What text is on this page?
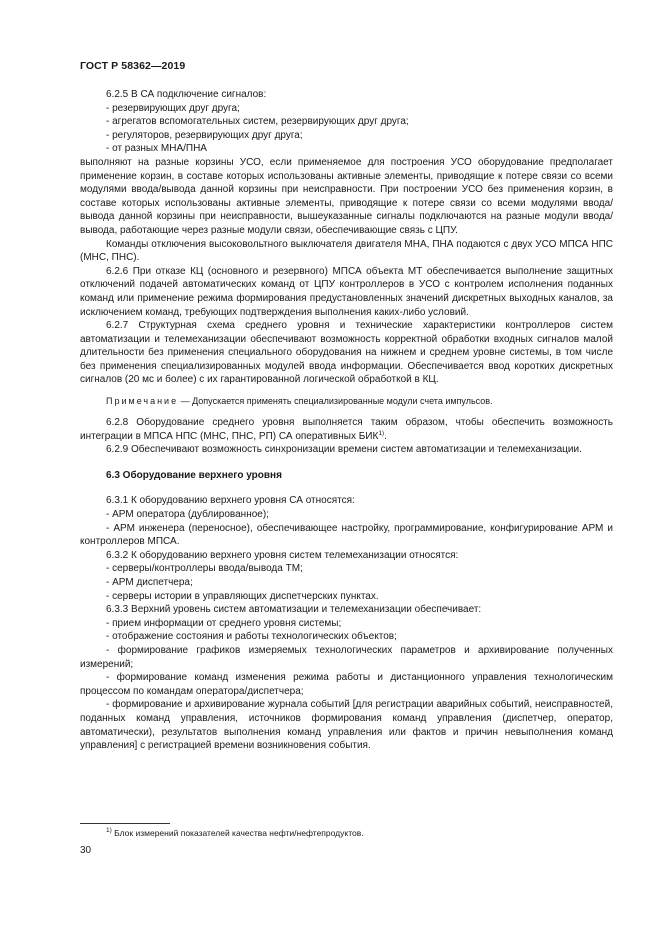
ГОСТ Р 58362—2019

6.2.5 В СА подключение сигналов:

- резервирующих друг друга;

- агрегатов вспомогательных систем, резервирующих друг друга;

- регуляторов, резервирующих друг друга;

- от разных МНА/ПНА

выполняют на разные корзины УСО, если применяемое для построения УСО оборудование предполагает применение корзин, в составе которых использованы активные элементы, приводящие к потере связи со всеми модулями ввода/вывода данной корзины при неисправности. При построении УСО без применения корзин, в составе которых использованы активные элементы, приводящие к потере связи со всеми модулями ввода/вывода данной корзины при неисправности, вышеуказанные сигналы подключаются на разные модули ввода/вывода, работающие через разные модули связи, обеспечивающие связь с ЦПУ.

Команды отключения высоковольтного выключателя двигателя МНА, ПНА подаются с двух УСО МПСА НПС (МНС, ПНС).

6.2.6 При отказе КЦ (основного и резервного) МПСА объекта МТ обеспечивается выполнение защитных отключений подачей автоматических команд от ЦПУ контроллеров в УСО с контролем исполнения поданных команд или применение режима формирования предустановленных значений дискретных выходных каналов, за исключением команд, требующих подтверждения выполнения каких-либо условий.

6.2.7 Структурная схема среднего уровня и технические характеристики контроллеров систем автоматизации и телемеханизации обеспечивают возможность корректной обработки входных сигналов малой длительности без применения специального оборудования на нижнем и среднем уровне системы, в том числе без применения специализированных модулей ввода информации. Обеспечивается ввод коротких дискретных сигналов (20 мс и более) с их гарантированной логической обработкой в КЦ.

Примечание — Допускается применять специализированные модули счета импульсов.

6.2.8 Оборудование среднего уровня выполняется таким образом, чтобы обеспечить возможность интеграции в МПСА НПС (МНС, ПНС, РП) СА оперативных БИК$^{1)}$.

6.2.9 Обеспечивают возможность синхронизации времени систем автоматизации и телемеханизации.

6.3 Оборудование верхнего уровня

6.3.1 К оборудованию верхнего уровня СА относятся:

- АРМ оператора (дублированное);

- АРМ инженера (переносное), обеспечивающее настройку, программирование, конфигурирование АРМ и контроллеров МПСА.

6.3.2 К оборудованию верхнего уровня систем телемеханизации относятся:

- серверы/контроллеры ввода/вывода ТМ;

- АРМ диспетчера;

- серверы истории в управляющих диспетчерских пунктах.

6.3.3 Верхний уровень систем автоматизации и телемеханизации обеспечивает:

- прием информации от среднего уровня системы;

- отображение состояния и работы технологических объектов;

- формирование графиков измеряемых технологических параметров и архивирование полученных измерений;

- формирование команд изменения режима работы и дистанционного управления технологическим процессом по командам оператора/диспетчера;

- формирование и архивирование журнала событий [для регистрации аварийных событий, неисправностей, поданных команд управления, источников формирования команд управления (диспетчер, оператор, автоматически), результатов выполнения команд управления или фактов и причин невыполнения команд управления] с регистрацией времени возникновения события.

$^{1)}$ Блок измерений показателей качества нефти/нефтепродуктов.
30
